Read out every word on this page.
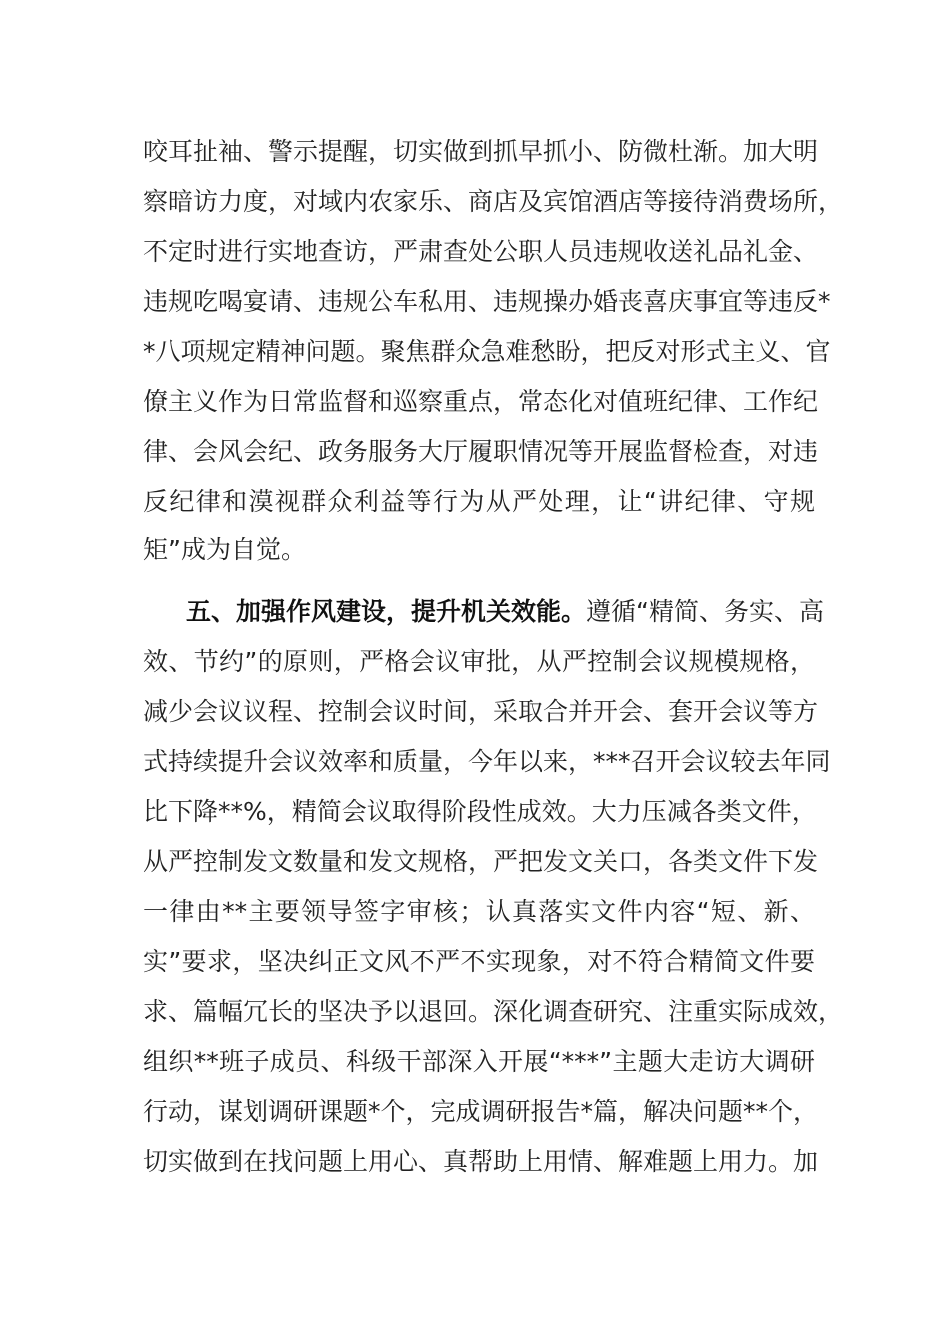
咬耳扯袖、警示提醒，切实做到抓早抓小、防微杜渐。加大明
察暗访力度，对域内农家乐、商店及宾馆酒店等接待消费场所，
不定时进行实地查访，严肃查处公职人员违规收送礼品礼金、
违规吃喝宴请、违规公车私用、违规操办婚丧喜庆事宜等违反*
*八项规定精神问题。聚焦群众急难愁盼，把反对形式主义、官
僚主义作为日常监督和巡察重点，常态化对值班纪律、工作纪
律、会风会纪、政务服务大厅履职情况等开展监督检查，对违
反纪律和漠视群众利益等行为从严处理，让“讲纪律、守规
矩”成为自觉。
五、加强作风建设，提升机关效能。遵循“精简、务实、高
效、节约”的原则，严格会议审批，从严控制会议规模规格，
减少会议议程、控制会议时间，采取合并开会、套开会议等方
式持续提升会议效率和质量，今年以来，***召开会议较去年同
比下降**%，精简会议取得阶段性成效。大力压减各类文件，
从严控制发文数量和发文规格，严把发文关口，各类文件下发
一律由**主要领导签字审核；认真落实文件内容“短、新、
实”要求，坚决纠正文风不严不实现象，对不符合精简文件要
求、篇幅冗长的坚决予以退回。深化调查研究、注重实际成效，
组织**班子成员、科级干部深入开展“***”主题大走访大调研
行动，谋划调研课题*个，完成调研报告*篇，解决问题**个，
切实做到在找问题上用心、真帮助上用情、解难题上用力。加
